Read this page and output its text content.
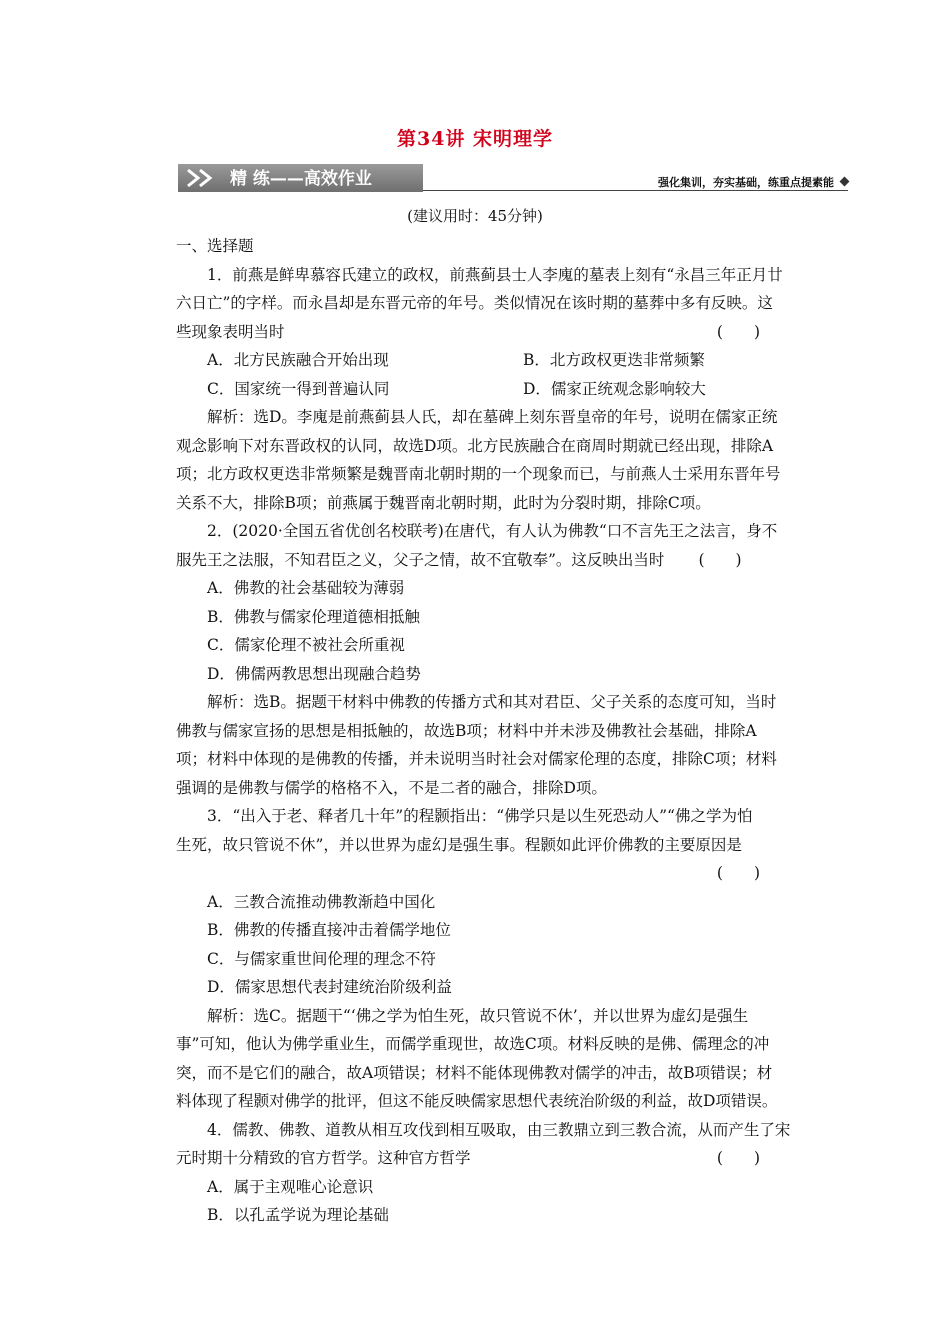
第34讲 宋明理学
精 练——高效作业	强化集训，夯实基础，练重点提素能
(建议用时：45分钟)

一、选择题

1．前燕是鲜卑慕容氏建立的政权，前燕蓟县士人李廆的墓表上刻有“永昌三年正月廿

六日亡”的字样。而永昌却是东晋元帝的年号。类似情况在该时期的墓葬中多有反映。这

(　　)
些现象表明当时

A．北方民族融合开始出现	B．北方政权更迭非常频繁
C．国家统一得到普遍认同	D．儒家正统观念影响较大

解析：选D。李廆是前燕蓟县人氏，却在墓碑上刻东晋皇帝的年号，说明在儒家正统

观念影响下对东晋政权的认同，故选D项。北方民族融合在商周时期就已经出现，排除A

项；北方政权更迭非常频繁是魏晋南北朝时期的一个现象而已，与前燕人士采用东晋年号

关系不大，排除B项；前燕属于魏晋南北朝时期，此时为分裂时期，排除C项。

2．(2020·全国五省优创名校联考)在唐代，有人认为佛教“口不言先王之法言，身不

服先王之法服，不知君臣之义，父子之情，故不宜敬奉”。这反映出当时 (　　)

A．佛教的社会基础较为薄弱

B．佛教与儒家伦理道德相抵触

C．儒家伦理不被社会所重视

D．佛儒两教思想出现融合趋势

解析：选B。据题干材料中佛教的传播方式和其对君臣、父子关系的态度可知，当时

佛教与儒家宣扬的思想是相抵触的，故选B项；材料中并未涉及佛教社会基础，排除A

项；材料中体现的是佛教的传播，并未说明当时社会对儒家伦理的态度，排除C项；材料

强调的是佛教与儒学的格格不入，不是二者的融合，排除D项。

3．“出入于老、释者几十年”的程颢指出：“佛学只是以生死恐动人”“佛之学为怕

生死，故只管说不休”，并以世界为虚幻是强生事。程颢如此评价佛教的主要原因是

(　　)

A．三教合流推动佛教渐趋中国化

B．佛教的传播直接冲击着儒学地位

C．与儒家重世间伦理的理念不符

D．儒家思想代表封建统治阶级利益

解析：选C。据题干“‘佛之学为怕生死，故只管说不休’，并以世界为虚幻是强生

事”可知，他认为佛学重业生，而儒学重现世，故选C项。材料反映的是佛、儒理念的冲

突，而不是它们的融合，故A项错误；材料不能体现佛教对儒学的冲击，故B项错误；材

料体现了程颢对佛学的批评，但这不能反映儒家思想代表统治阶级的利益，故D项错误。

4．儒教、佛教、道教从相互攻伐到相互吸取，由三教鼎立到三教合流，从而产生了宋

(　　)
元时期十分精致的官方哲学。这种官方哲学

A．属于主观唯心论意识

B．以孔孟学说为理论基础
